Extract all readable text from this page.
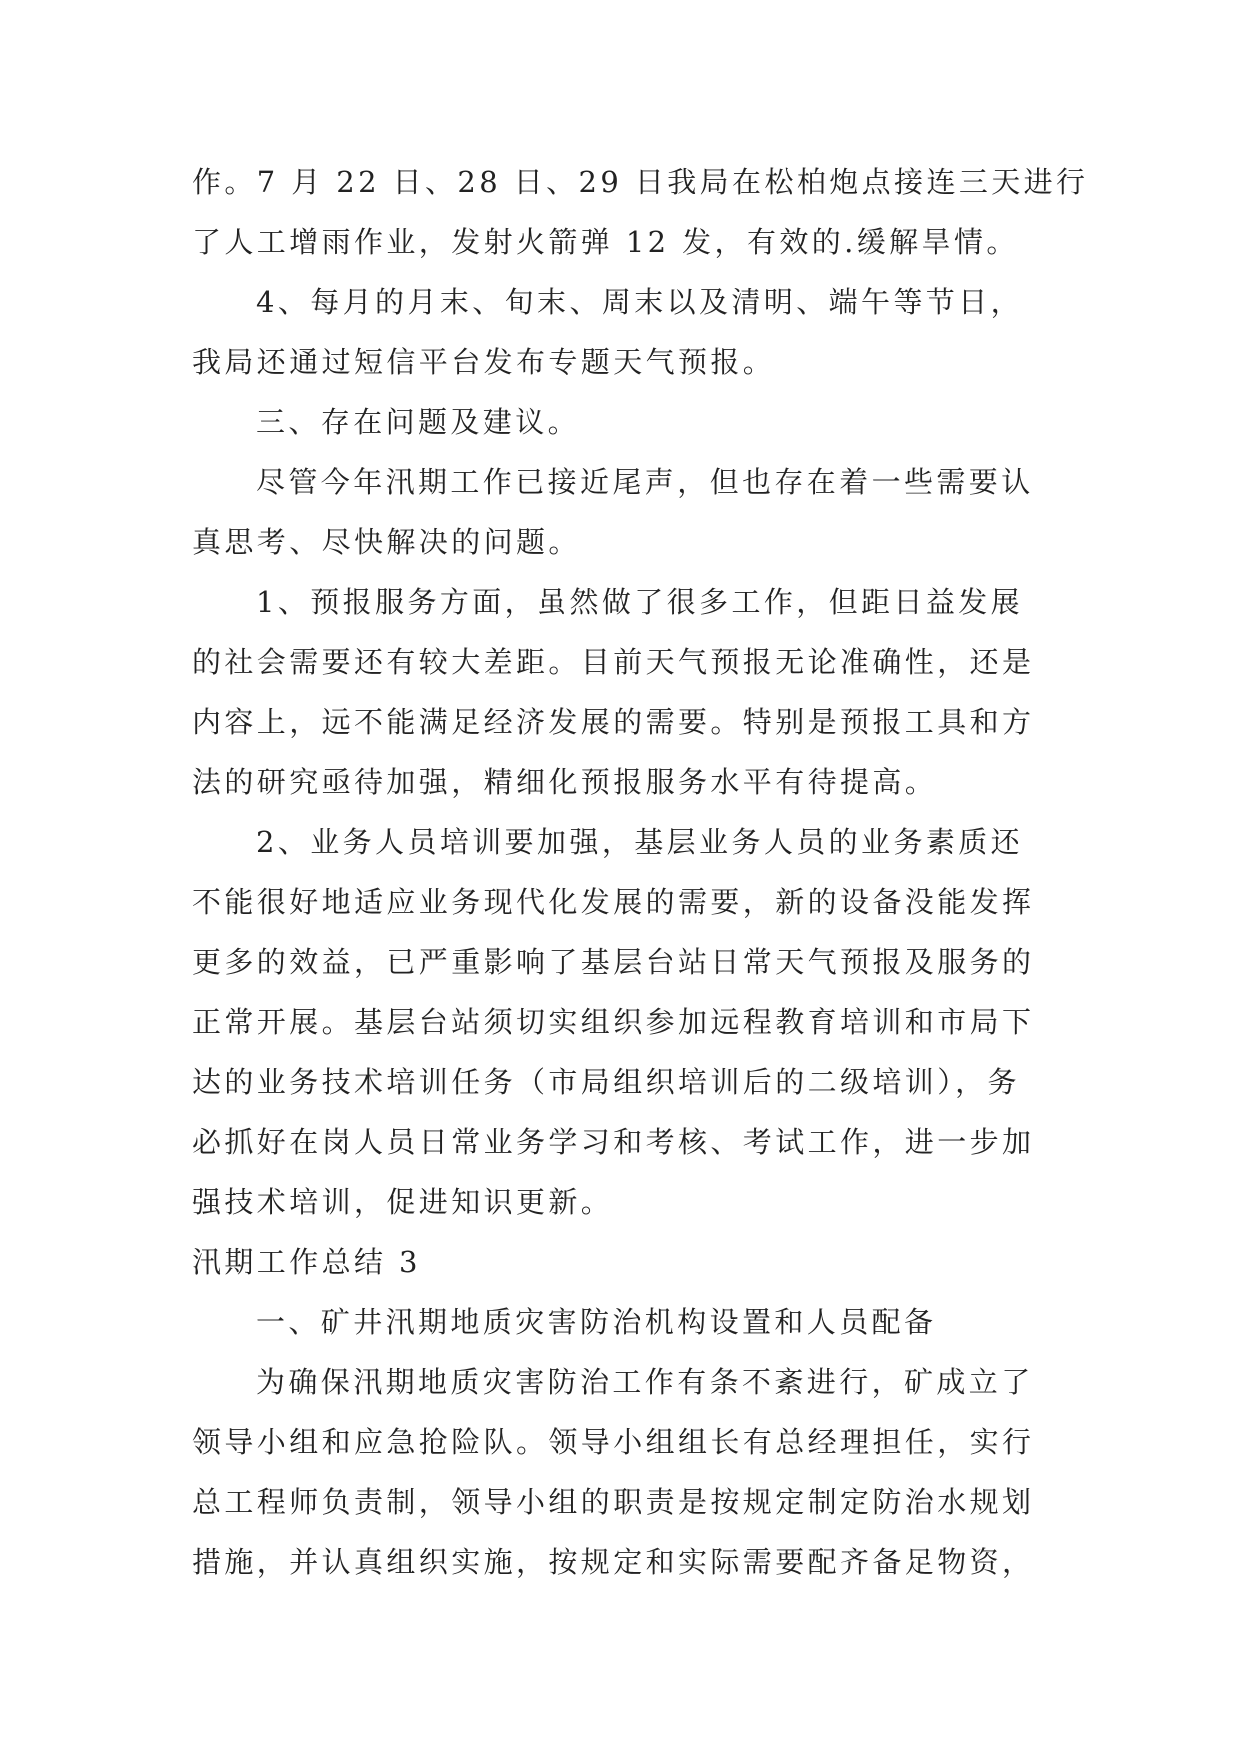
作。7 月 22 日、28 日、29 日我局在松柏炮点接连三天进行
了人工增雨作业，发射火箭弹 12 发，有效的.缓解旱情。
4、每月的月末、旬末、周末以及清明、端午等节日，
我局还通过短信平台发布专题天气预报。
三、存在问题及建议。
尽管今年汛期工作已接近尾声，但也存在着一些需要认
真思考、尽快解决的问题。
1、预报服务方面，虽然做了很多工作，但距日益发展
的社会需要还有较大差距。目前天气预报无论准确性，还是
内容上，远不能满足经济发展的需要。特别是预报工具和方
法的研究亟待加强，精细化预报服务水平有待提高。
2、业务人员培训要加强，基层业务人员的业务素质还
不能很好地适应业务现代化发展的需要，新的设备没能发挥
更多的效益，已严重影响了基层台站日常天气预报及服务的
正常开展。基层台站须切实组织参加远程教育培训和市局下
达的业务技术培训任务（市局组织培训后的二级培训），务
必抓好在岗人员日常业务学习和考核、考试工作，进一步加
强技术培训，促进知识更新。
汛期工作总结 3
一、矿井汛期地质灾害防治机构设置和人员配备
为确保汛期地质灾害防治工作有条不紊进行，矿成立了
领导小组和应急抢险队。领导小组组长有总经理担任，实行
总工程师负责制，领导小组的职责是按规定制定防治水规划
措施，并认真组织实施，按规定和实际需要配齐备足物资，
